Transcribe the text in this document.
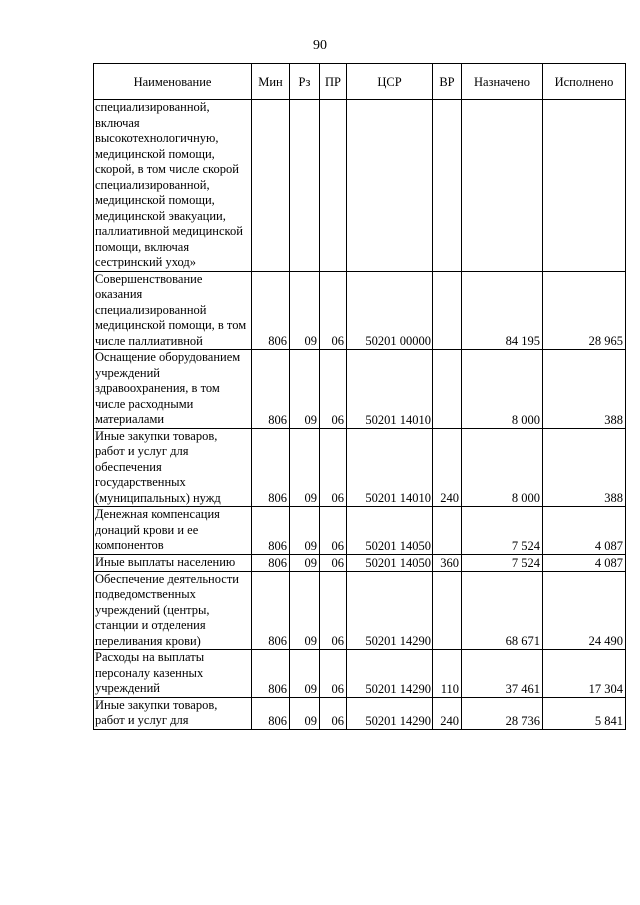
90
Наименование	Мин	Рз	ПР	ЦСР	ВР	Назначено	Исполнено
специализированной, включая высокотехнологичную, медицинской помощи, скорой, в том числе скорой специализированной, медицинской помощи, медицинской эвакуации, паллиативной медицинской помощи, включая сестринский уход»							
Совершенствование оказания специализированной медицинской помощи, в том числе паллиативной	806	09	06	50201 00000		84 195	28 965
Оснащение оборудованием учреждений здравоохранения, в том числе расходными материалами	806	09	06	50201 14010		8 000	388
Иные закупки товаров, работ и услуг для обеспечения государственных (муниципальных) нужд	806	09	06	50201 14010	240	8 000	388
Денежная компенсация донаций крови и ее компонентов	806	09	06	50201 14050		7 524	4 087
Иные выплаты населению	806	09	06	50201 14050	360	7 524	4 087
Обеспечение деятельности подведомственных учреждений (центры, станции и отделения переливания крови)	806	09	06	50201 14290		68 671	24 490
Расходы на выплаты персоналу казенных учреждений	806	09	06	50201 14290	110	37 461	17 304
Иные закупки товаров, работ и услуг для	806	09	06	50201 14290	240	28 736	5 841
